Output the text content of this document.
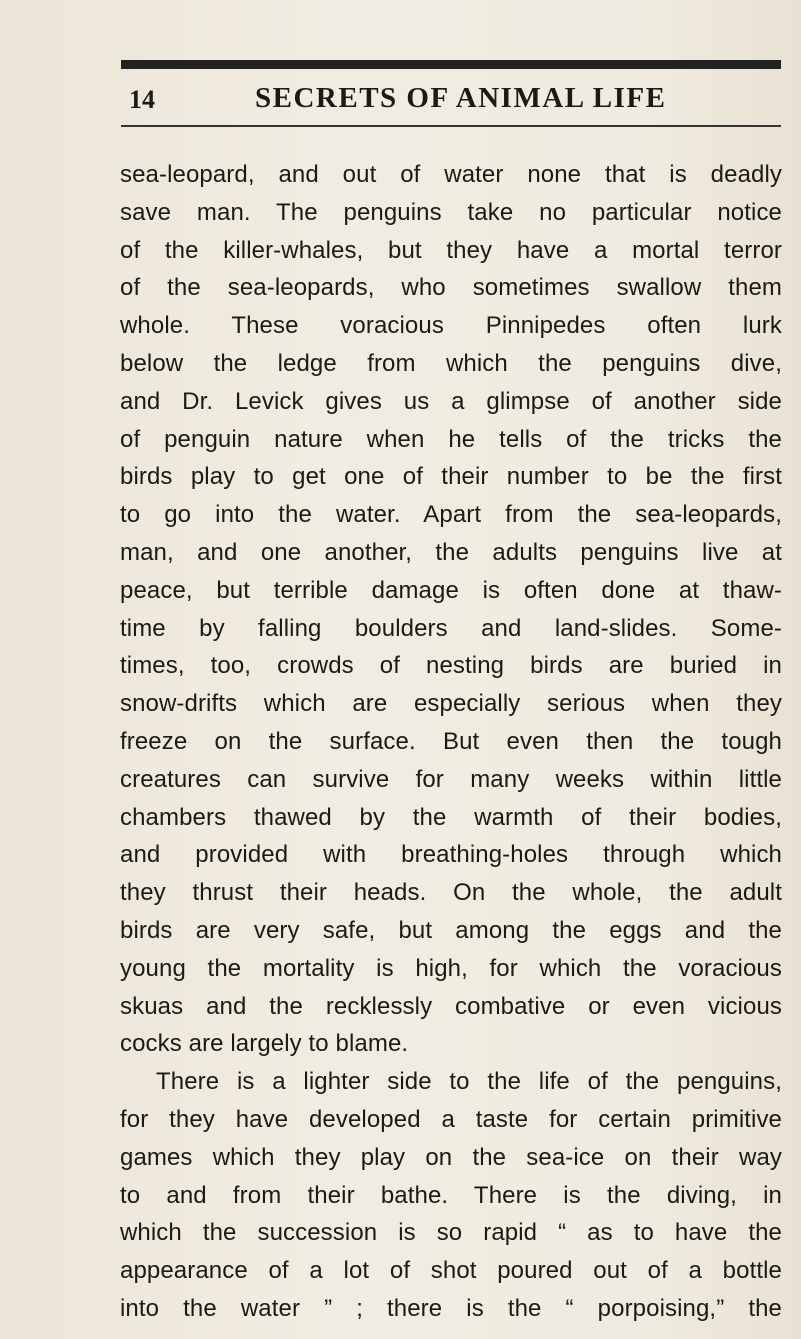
14	SECRETS OF ANIMAL LIFE
sea-leopard, and out of water none that is deadly
save man. The penguins take no particular notice
of the killer-whales, but they have a mortal terror
of the sea-leopards, who sometimes swallow them
whole. These voracious Pinnipedes often lurk
below the ledge from which the penguins dive,
and Dr. Levick gives us a glimpse of another side
of penguin nature when he tells of the tricks the
birds play to get one of their number to be the first
to go into the water. Apart from the sea-leopards,
man, and one another, the adults penguins live at
peace, but terrible damage is often done at thaw-
time by falling boulders and land-slides. Some-
times, too, crowds of nesting birds are buried in
snow-drifts which are especially serious when they
freeze on the surface. But even then the tough
creatures can survive for many weeks within little
chambers thawed by the warmth of their bodies,
and provided with breathing-holes through which
they thrust their heads. On the whole, the adult
birds are very safe, but among the eggs and the
young the mortality is high, for which the voracious
skuas and the recklessly combative or even vicious
cocks are largely to blame.
There is a lighter side to the life of the penguins,
for they have developed a taste for certain primitive
games which they play on the sea-ice on their way
to and from their bathe. There is the diving, in
which the succession is so rapid “ as to have the
appearance of a lot of shot poured out of a bottle
into the water ” ; there is the “ porpoising,” the
